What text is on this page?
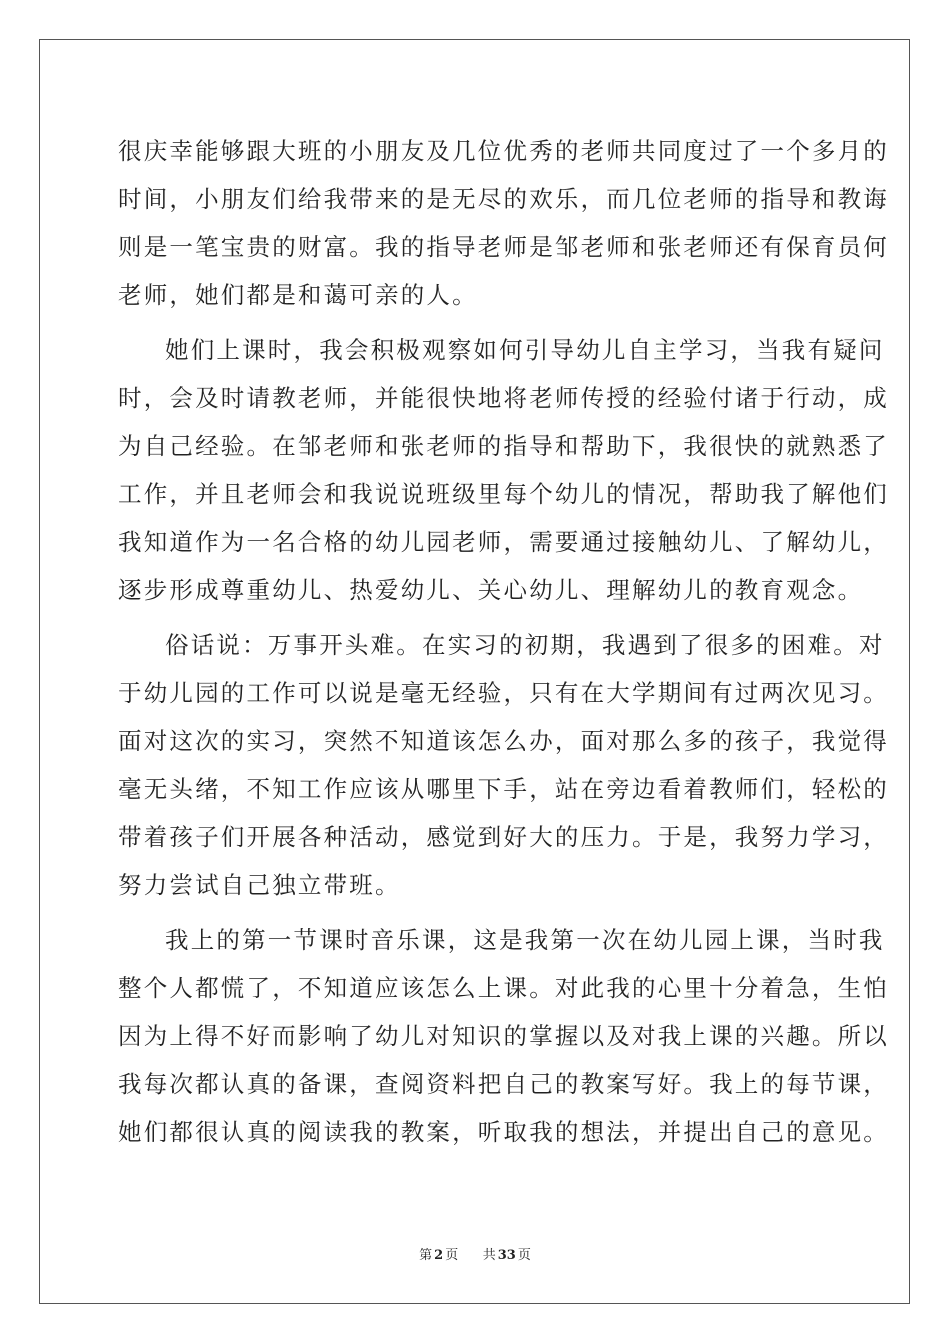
很庆幸能够跟大班的小朋友及几位优秀的老师共同度过了一个多月的
时间，小朋友们给我带来的是无尽的欢乐，而几位老师的指导和教诲
则是一笔宝贵的财富。我的指导老师是邹老师和张老师还有保育员何
老师，她们都是和蔼可亲的人。
她们上课时，我会积极观察如何引导幼儿自主学习，当我有疑问
时，会及时请教老师，并能很快地将老师传授的经验付诸于行动，成
为自己经验。在邹老师和张老师的指导和帮助下，我很快的就熟悉了
工作，并且老师会和我说说班级里每个幼儿的情况，帮助我了解他们
我知道作为一名合格的幼儿园老师，需要通过接触幼儿、了解幼儿，
逐步形成尊重幼儿、热爱幼儿、关心幼儿、理解幼儿的教育观念。
俗话说：万事开头难。在实习的初期，我遇到了很多的困难。对
于幼儿园的工作可以说是毫无经验，只有在大学期间有过两次见习。
面对这次的实习，突然不知道该怎么办，面对那么多的孩子，我觉得
毫无头绪，不知工作应该从哪里下手，站在旁边看着教师们，轻松的
带着孩子们开展各种活动，感觉到好大的压力。于是，我努力学习，
努力尝试自己独立带班。
我上的第一节课时音乐课，这是我第一次在幼儿园上课，当时我
整个人都慌了，不知道应该怎么上课。对此我的心里十分着急，生怕
因为上得不好而影响了幼儿对知识的掌握以及对我上课的兴趣。所以
我每次都认真的备课，查阅资料把自己的教案写好。我上的每节课，
她们都很认真的阅读我的教案，听取我的想法，并提出自己的意见。
第 2 页 共 33 页
